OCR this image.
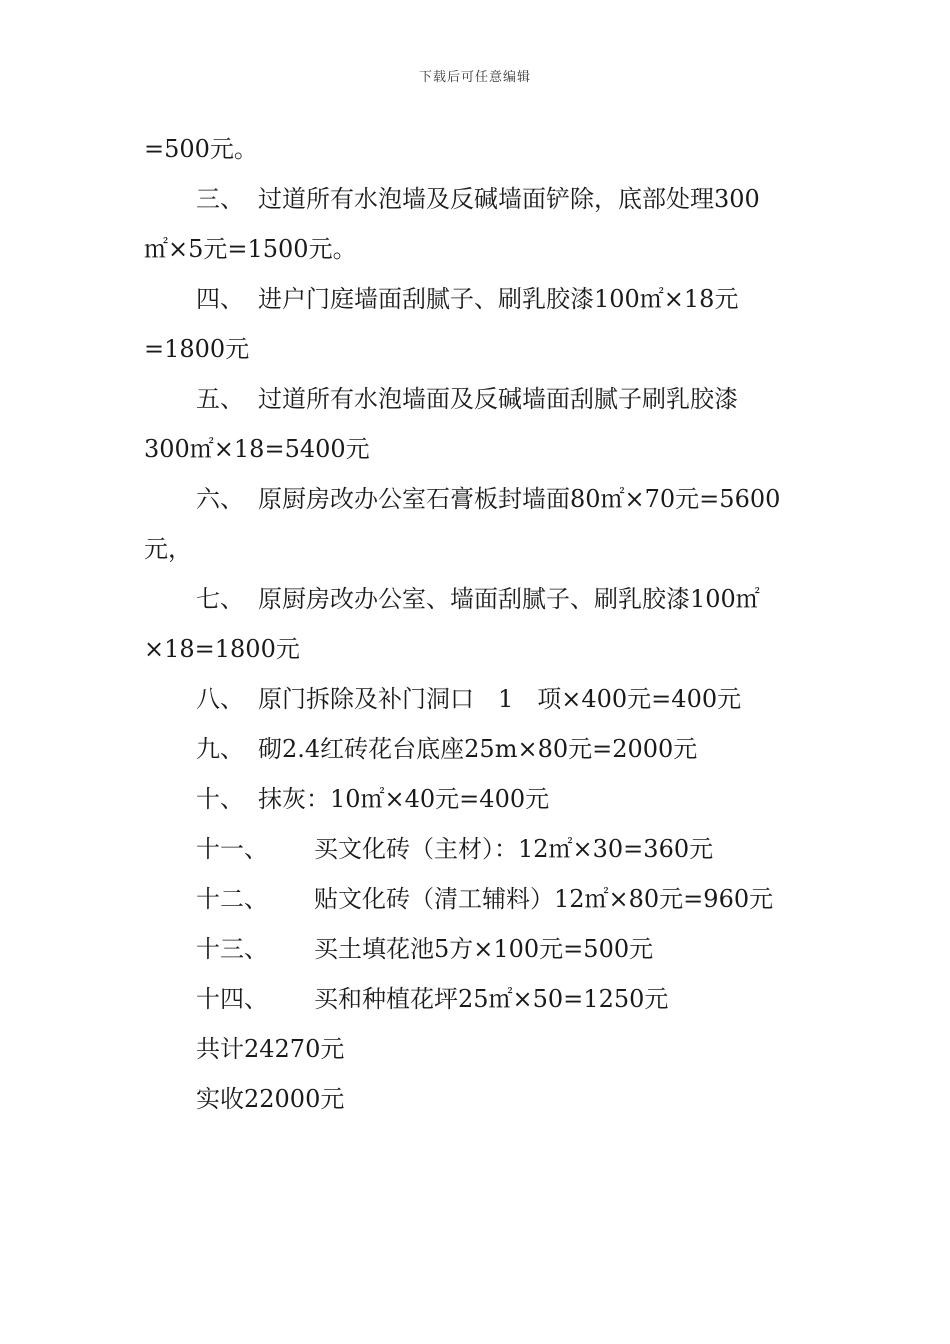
下载后可任意编辑
=500元。
三、 过道所有水泡墙及反碱墙面铲除，底部处理300
㎡×5元=1500元。
四、 进户门庭墙面刮腻子、刷乳胶漆100㎡×18元
=1800元
五、 过道所有水泡墙面及反碱墙面刮腻子刷乳胶漆
300㎡×18=5400元
六、 原厨房改办公室石膏板封墙面80㎡×70元=5600
元，
七、 原厨房改办公室、墙面刮腻子、刷乳胶漆100㎡
×18=1800元
八、 原门拆除及补门洞口　1　项×400元=400元
九、 砌2.4红砖花台底座25m×80元=2000元
十、 抹灰：10㎡×40元=400元
十一、 买文化砖（主材）：12㎡×30=360元
十二、 贴文化砖（清工辅料）12㎡×80元=960元
十三、 买土填花池5方×100元=500元
十四、 买和种植花坪25㎡×50=1250元
共计24270元
实收22000元
